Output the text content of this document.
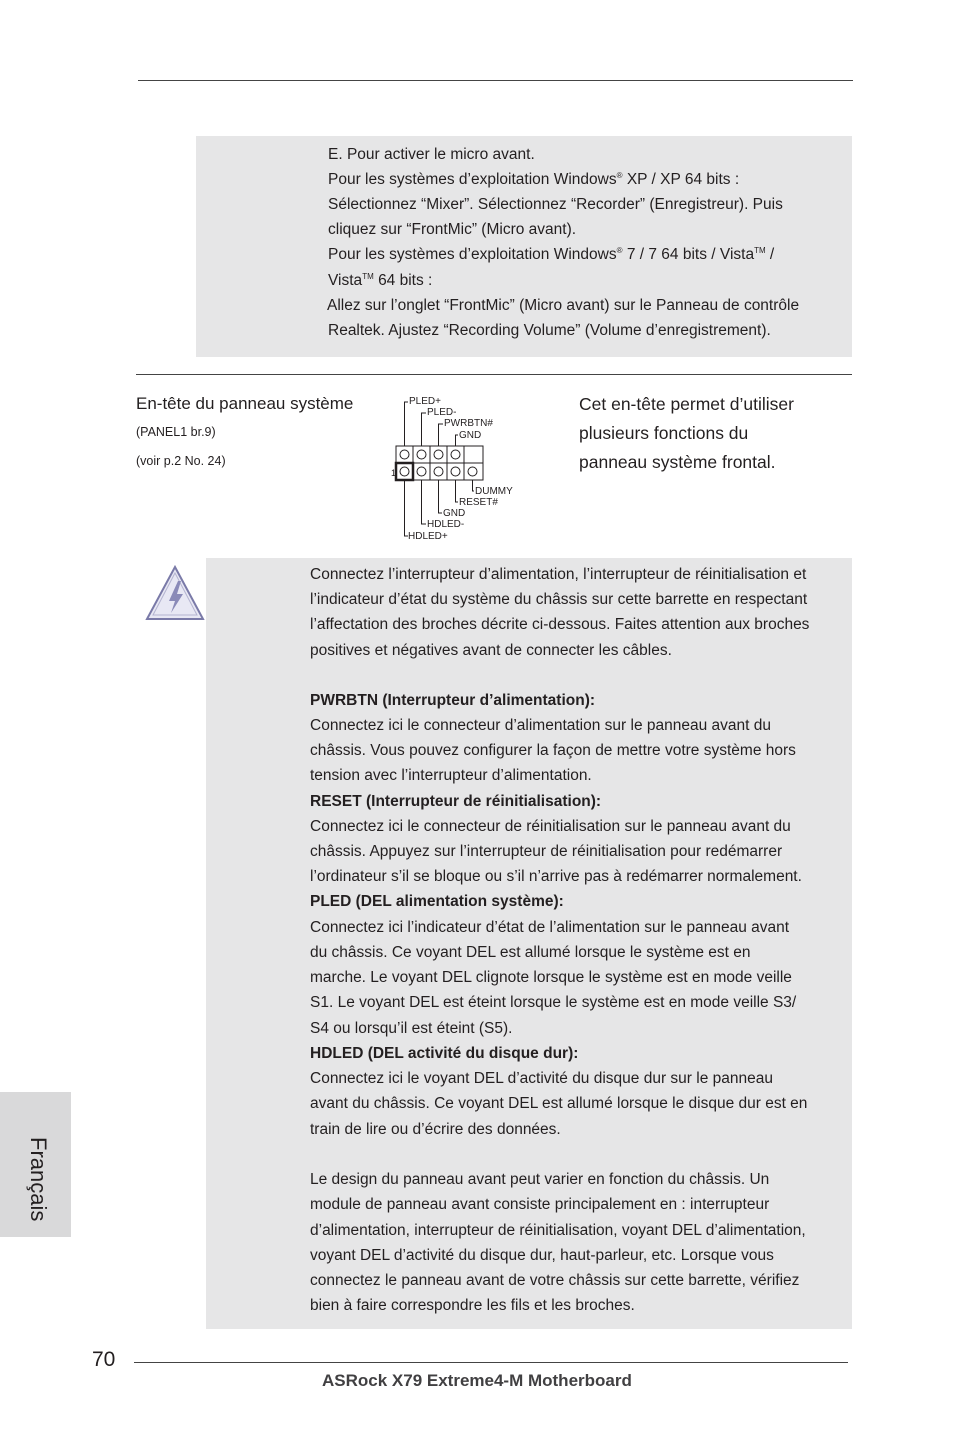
E. Pour activer le micro avant.
Pour les systèmes d’exploitation Windows® XP / XP 64 bits :
Sélectionnez “Mixer”. Sélectionnez “Recorder” (Enregistreur). Puis
cliquez sur “FrontMic” (Micro avant).
Pour les systèmes d’exploitation Windows® 7 / 7 64 bits / Vista™ /
Vista™ 64 bits :
Allez sur l’onglet “FrontMic” (Micro avant) sur le Panneau de contrôle
Realtek. Ajustez “Recording Volume” (Volume d’enregistrement).
En-tête du panneau système
(PANEL1 br.9)
(voir p.2 No. 24)
PLED+
PLED-
PWRBTN#
GND
DUMMY
RESET#
GND
HDLED-
HDLED+
1
Cet en-tête permet d’utiliser
plusieurs fonctions du
panneau système frontal.
Connectez l’interrupteur d’alimentation, l’interrupteur de réinitialisation et
l’indicateur d’état du système du châssis sur cette barrette en respectant
l’affectation des broches décrite ci-dessous. Faites attention aux broches
positives et négatives avant de connecter les câbles.
PWRBTN (Interrupteur d’alimentation):
Connectez ici le connecteur d’alimentation sur le panneau avant du
châssis. Vous pouvez configurer la façon de mettre votre système hors
tension avec l’interrupteur d’alimentation.
RESET (Interrupteur de réinitialisation):
Connectez ici le connecteur de réinitialisation sur le panneau avant du
châssis. Appuyez sur l’interrupteur de réinitialisation pour redémarrer
l’ordinateur s’il se bloque ou s’il n’arrive pas à redémarrer normalement.
PLED (DEL alimentation système):
Connectez ici l’indicateur d’état de l’alimentation sur le panneau avant
du châssis. Ce voyant DEL est allumé lorsque le système est en
marche. Le voyant DEL clignote lorsque le système est en mode veille
S1. Le voyant DEL est éteint lorsque le système est en mode veille S3/
S4 ou lorsqu’il est éteint (S5).
HDLED (DEL activité du disque dur):
Connectez ici le voyant DEL d’activité du disque dur sur le panneau
avant du châssis. Ce voyant DEL est allumé lorsque le disque dur est en
train de lire ou d’écrire des données.
Le design du panneau avant peut varier en fonction du châssis. Un
module de panneau avant consiste principalement en : interrupteur
d’alimentation, interrupteur de réinitialisation, voyant DEL d’alimentation,
voyant DEL d’activité du disque dur, haut-parleur, etc. Lorsque vous
connectez le panneau avant de votre châssis sur cette barrette, vérifiez
bien à faire correspondre les fils et les broches.
Français
70
ASRock X79 Extreme4-M Motherboard
